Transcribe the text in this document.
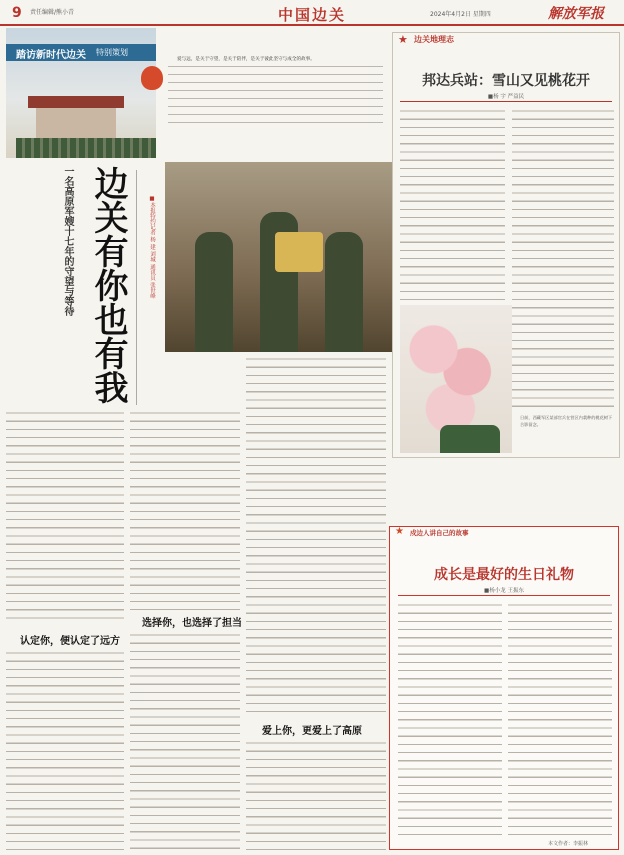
9 责任编辑/熊小青	中国边关	2024年4月2日 星期四	解放军报
踏访新时代边关 特别策划
爱与远，是关于守望，是关于陪伴，是关于彼此坚守与成全的故事。
边关有你也有我
一名高原军嫂十七年的守望与等待	■本报特约记者 杨 建 刘城 通讯员 张世峰
认定你，便认定了远方
选择你，也选择了担当
爱上你，更爱上了高原
★ 边关地理志
邦达兵站：雪山又见桃花开
■杨 宇 严益民
日前，西藏军区某部官兵在营区内栽种的桃花树下合影留念。
★ 戍边人讲自己的故事
成长是最好的生日礼物
■杨小龙 王振东
本文作者：李振林
